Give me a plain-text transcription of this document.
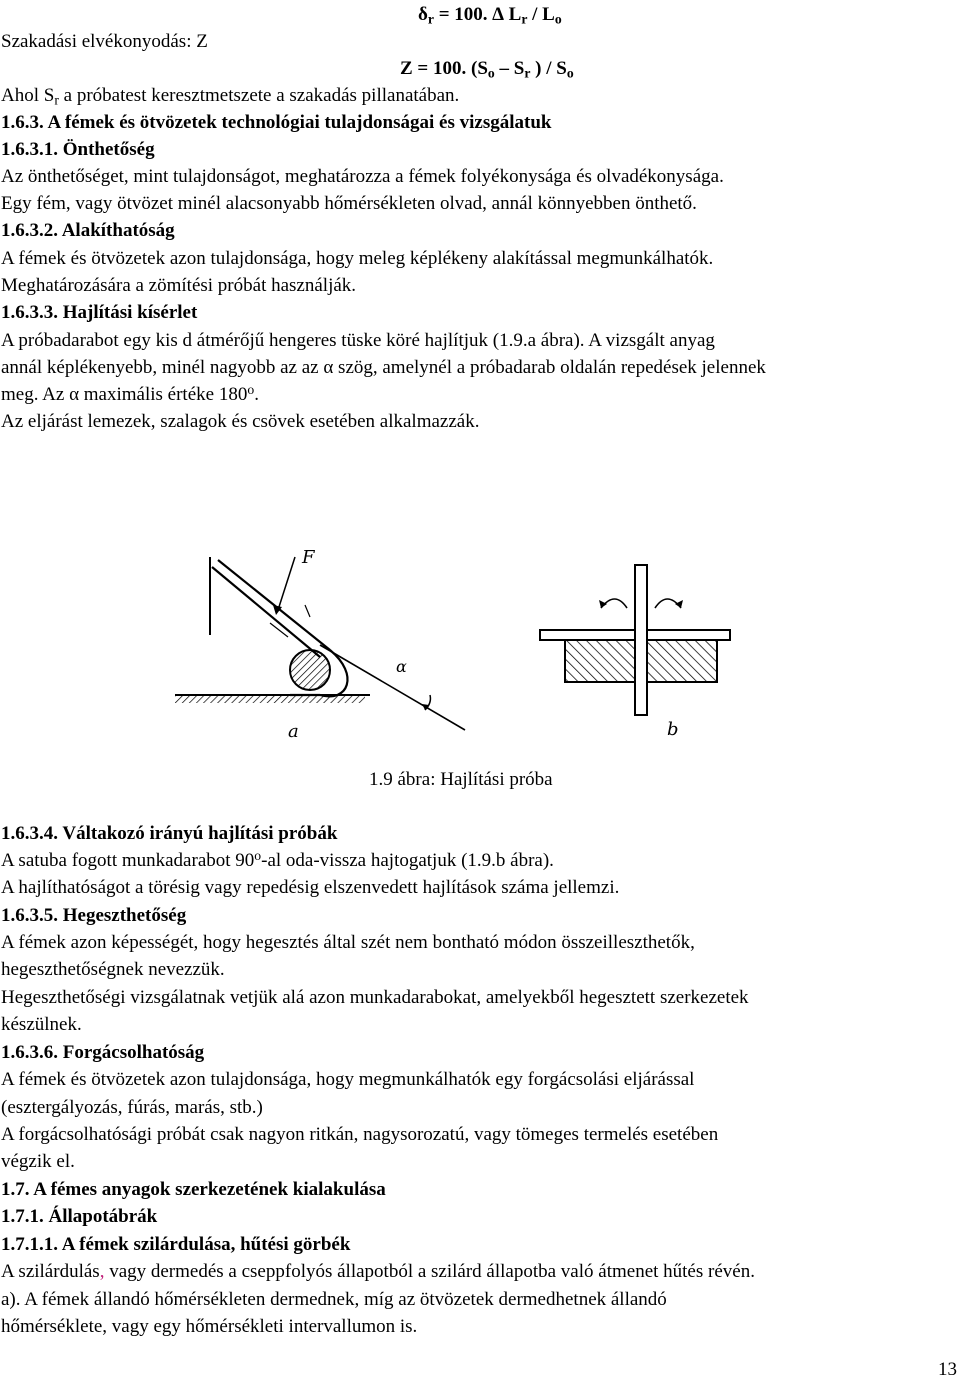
$\delta_r = 100$. ∆ $L_r / L_o$
Szakadási elvékonyodás: Z
Z = 100. ($S_o - S_r$ ) / $S_o$
Ahol $S_r$ a próbatest keresztmetszete a szakadás pillanatában.
1.6.3. A fémek és ötvözetek technológiai tulajdonságai és vizsgálatuk
1.6.3.1. Önthetőség
Az önthetőséget, mint tulajdonságot, meghatározza a fémek folyékonysága és olvadékonysága.
Egy fém, vagy ötvözet minél alacsonyabb hőmérsékleten olvad, annál könnyebben önthető.
1.6.3.2. Alakíthatóság
A fémek és ötvözetek azon tulajdonsága, hogy meleg képlékeny alakítással megmunkálhatók.
Meghatározására a zömítési próbát használják.
1.6.3.3. Hajlítási kísérlet
A próbadarabot egy kis d átmérőjű hengeres tüske köré hajlítjuk (1.9.a ábra). A vizsgált anyag
annál képlékenyebb, minél nagyobb az az α szög, amelynél a próbadarab oldalán repedések jelennek
meg. Az α maximális értéke 180$^o$.
Az eljárást lemezek, szalagok és csövek esetében alkalmazzák.
F
α
a	b
1.9 ábra: Hajlítási próba
1.6.3.4. Váltakozó irányú hajlítási próbák
A satuba fogott munkadarabot 90$^o$-al oda-vissza hajtogatjuk (1.9.b ábra).
A hajlíthatóságot a törésig vagy repedésig elszenvedett hajlítások száma jellemzi.
1.6.3.5. Hegeszthetőség
A fémek azon képességét, hogy hegesztés által szét nem bontható módon összeilleszthetők,
hegeszthetőségnek nevezzük.
Hegeszthetőségi vizsgálatnak vetjük alá azon munkadarabokat, amelyekből hegesztett szerkezetek
készülnek.
1.6.3.6. Forgácsolhatóság
A fémek és ötvözetek azon tulajdonsága, hogy megmunkálhatók egy forgácsolási eljárással
(esztergályozás, fúrás, marás, stb.)
A forgácsolhatósági próbát csak nagyon ritkán, nagysorozatú, vagy tömeges termelés esetében
végzik el.
1.7. A fémes anyagok szerkezetének kialakulása
1.7.1. Állapotábrák
1.7.1.1. A fémek szilárdulása, hűtési görbék
A szilárdulás, vagy dermedés a cseppfolyós állapotból a szilárd állapotba való átmenet hűtés révén.
a). A fémek állandó hőmérsékleten dermednek, míg az ötvözetek dermedhetnek állandó
hőmérséklete, vagy egy hőmérsékleti intervallumon is.
13
